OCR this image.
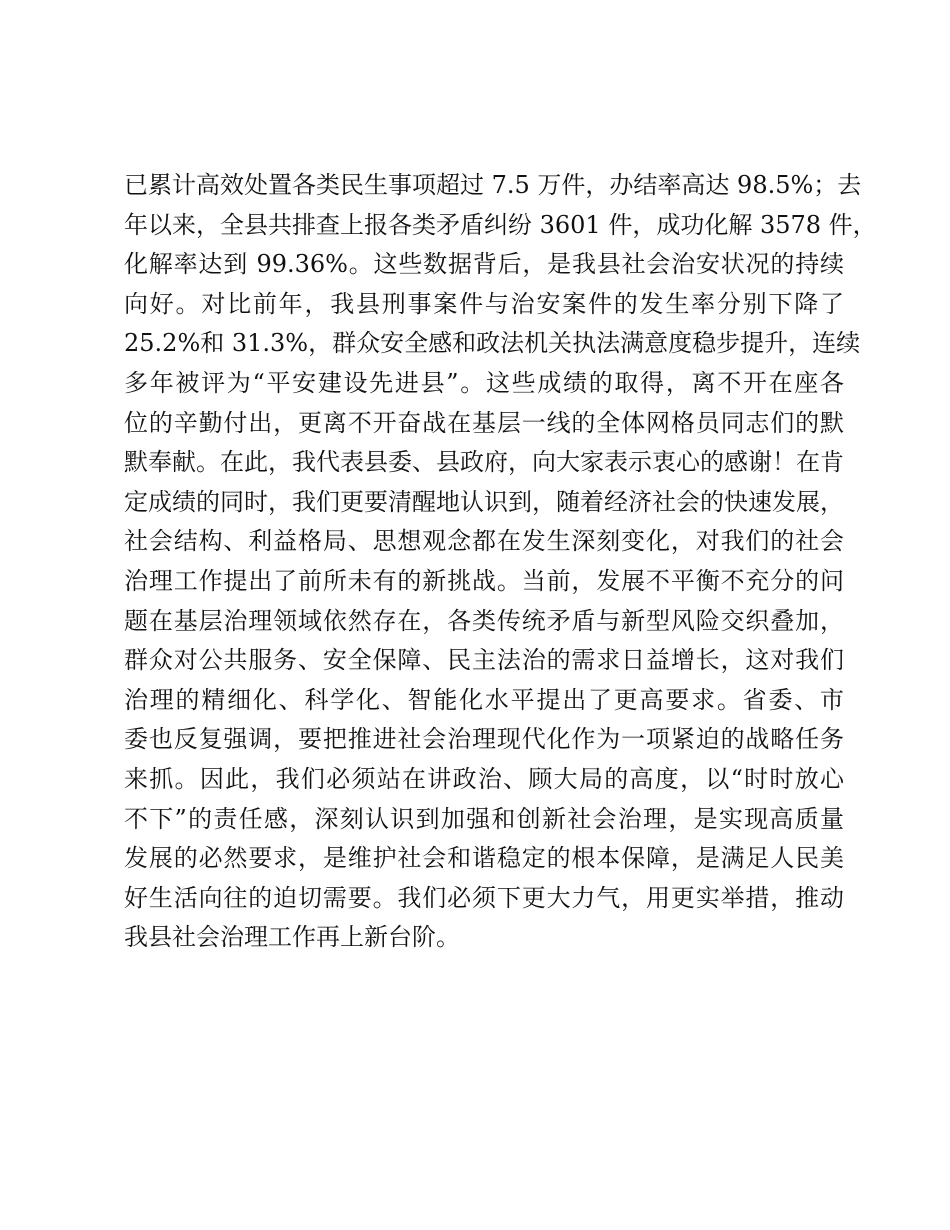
已累计高效处置各类民生事项超过 7.5 万件，办结率高达 98.5%；去
年以来，全县共排查上报各类矛盾纠纷 3601 件，成功化解 3578 件，
化解率达到 99.36%。这些数据背后，是我县社会治安状况的持续
向好。对比前年，我县刑事案件与治安案件的发生率分别下降了
25.2%和 31.3%，群众安全感和政法机关执法满意度稳步提升，连续
多年被评为“平安建设先进县”。这些成绩的取得，离不开在座各
位的辛勤付出，更离不开奋战在基层一线的全体网格员同志们的默
默奉献。在此，我代表县委、县政府，向大家表示衷心的感谢！在肯
定成绩的同时，我们更要清醒地认识到，随着经济社会的快速发展，
社会结构、利益格局、思想观念都在发生深刻变化，对我们的社会
治理工作提出了前所未有的新挑战。当前，发展不平衡不充分的问
题在基层治理领域依然存在，各类传统矛盾与新型风险交织叠加，
群众对公共服务、安全保障、民主法治的需求日益增长，这对我们
治理的精细化、科学化、智能化水平提出了更高要求。省委、市
委也反复强调，要把推进社会治理现代化作为一项紧迫的战略任务
来抓。因此，我们必须站在讲政治、顾大局的高度，以“时时放心
不下”的责任感，深刻认识到加强和创新社会治理，是实现高质量
发展的必然要求，是维护社会和谐稳定的根本保障，是满足人民美
好生活向往的迫切需要。我们必须下更大力气，用更实举措，推动
我县社会治理工作再上新台阶。
